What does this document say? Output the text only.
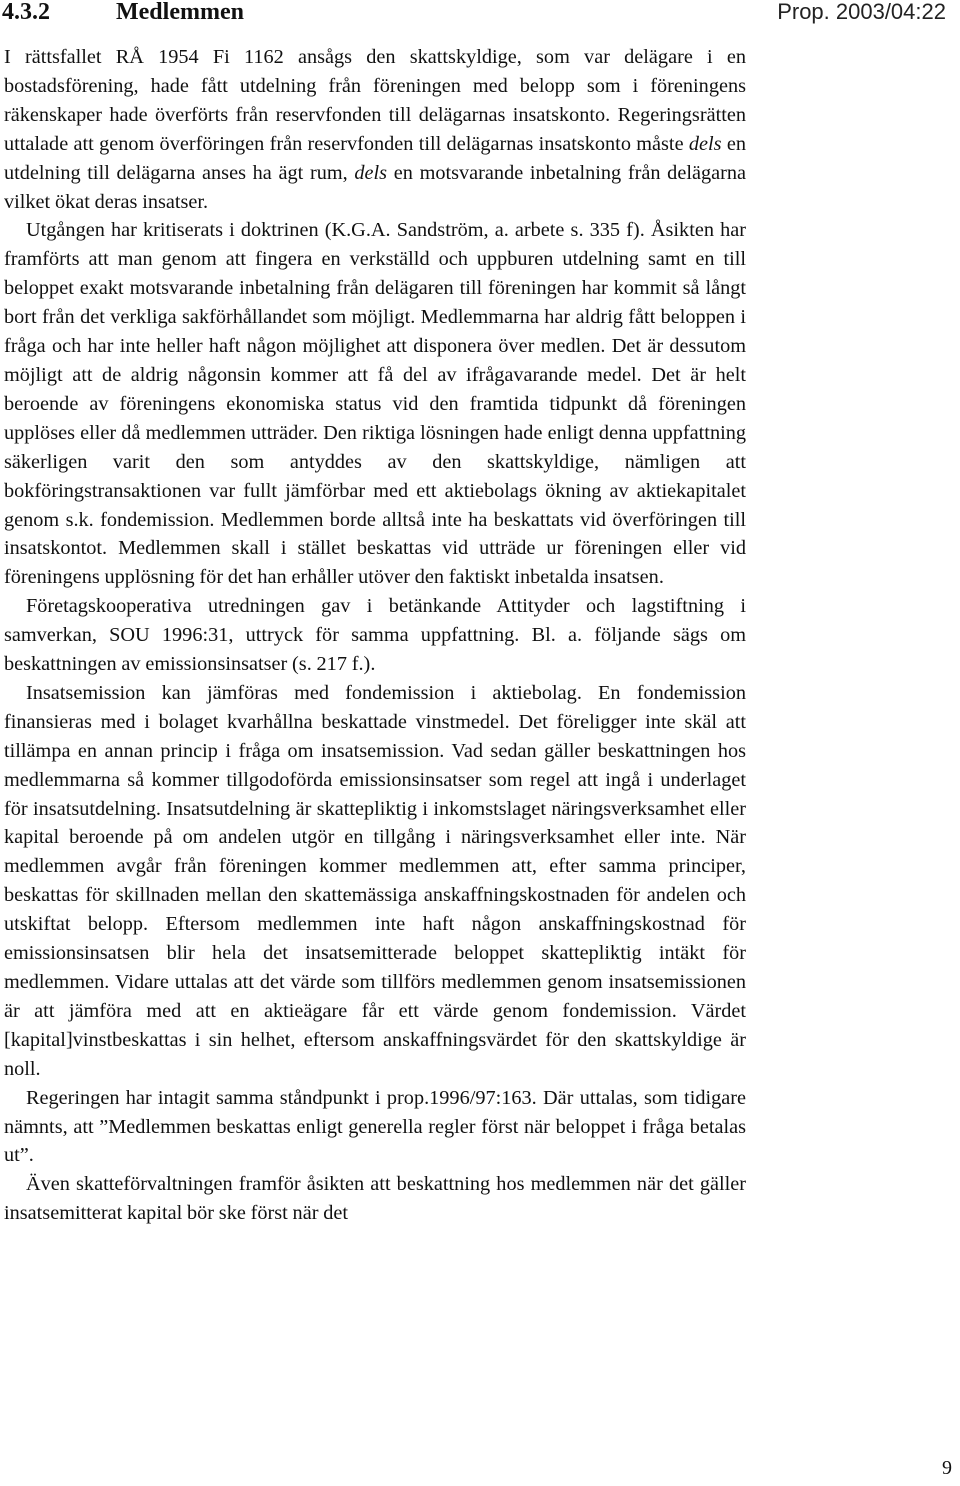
4.3.2	Medlemmen	Prop. 2003/04:22

I rättsfallet RÅ 1954 Fi 1162 ansågs den skattskyldige, som var delägare i en bostadsförening, hade fått utdelning från föreningen med belopp som i föreningens räkenskaper hade överförts från reservfonden till delägarnas insatskonto. Regeringsrätten uttalade att genom överföringen från reservfonden till delägarnas insatskonto måste dels en utdelning till delägarna anses ha ägt rum, dels en motsvarande inbetalning från delägarna vilket ökat deras insatser.

Utgången har kritiserats i doktrinen (K.G.A. Sandström, a. arbete s. 335 f). Åsikten har framförts att man genom att fingera en verkställd och uppburen utdelning samt en till beloppet exakt motsvarande inbetalning från delägaren till föreningen har kommit så långt bort från det verkliga sakförhållandet som möjligt. Medlemmarna har aldrig fått beloppen i fråga och har inte heller haft någon möjlighet att disponera över medlen. Det är dessutom möjligt att de aldrig någonsin kommer att få del av ifrågavarande medel. Det är helt beroende av föreningens ekonomiska status vid den framtida tidpunkt då föreningen upplöses eller då medlemmen utträder. Den riktiga lösningen hade enligt denna uppfattning säkerligen varit den som antyddes av den skattskyldige, nämligen att bokföringstransaktionen var fullt jämförbar med ett aktiebolags ökning av aktiekapitalet genom s.k. fondemission. Medlemmen borde alltså inte ha beskattats vid överföringen till insatskontot. Medlemmen skall i stället beskattas vid utträde ur föreningen eller vid föreningens upplösning för det han erhåller utöver den faktiskt inbetalda insatsen.

Företagskooperativa utredningen gav i betänkande Attityder och lagstiftning i samverkan, SOU 1996:31, uttryck för samma uppfattning. Bl. a. följande sägs om beskattningen av emissionsinsatser (s. 217 f.).

Insatsemission kan jämföras med fondemission i aktiebolag. En fondemission finansieras med i bolaget kvarhållna beskattade vinstmedel. Det föreligger inte skäl att tillämpa en annan princip i fråga om insatsemission. Vad sedan gäller beskattningen hos medlemmarna så kommer tillgodoförda emissionsinsatser som regel att ingå i underlaget för insatsutdelning. Insatsutdelning är skattepliktig i inkomstslaget näringsverksamhet eller kapital beroende på om andelen utgör en tillgång i näringsverksamhet eller inte. När medlemmen avgår från föreningen kommer medlemmen att, efter samma principer, beskattas för skillnaden mellan den skattemässiga anskaffningskostnaden för andelen och utskiftat belopp. Eftersom medlemmen inte haft någon anskaffningskostnad för emissionsinsatsen blir hela det insatsemitterade beloppet skattepliktig intäkt för medlemmen. Vidare uttalas att det värde som tillförs medlemmen genom insatsemissionen är att jämföra med att en aktieägare får ett värde genom fondemission. Värdet [kapital]vinstbeskattas i sin helhet, eftersom anskaffningsvärdet för den skattskyldige är noll.

Regeringen har intagit samma ståndpunkt i prop.1996/97:163. Där uttalas, som tidigare nämnts, att ”Medlemmen beskattas enligt generella regler först när beloppet i fråga betalas ut”.

Även skatteförvaltningen framför åsikten att beskattning hos medlemmen när det gäller insatsemitterat kapital bör ske först när det

9
